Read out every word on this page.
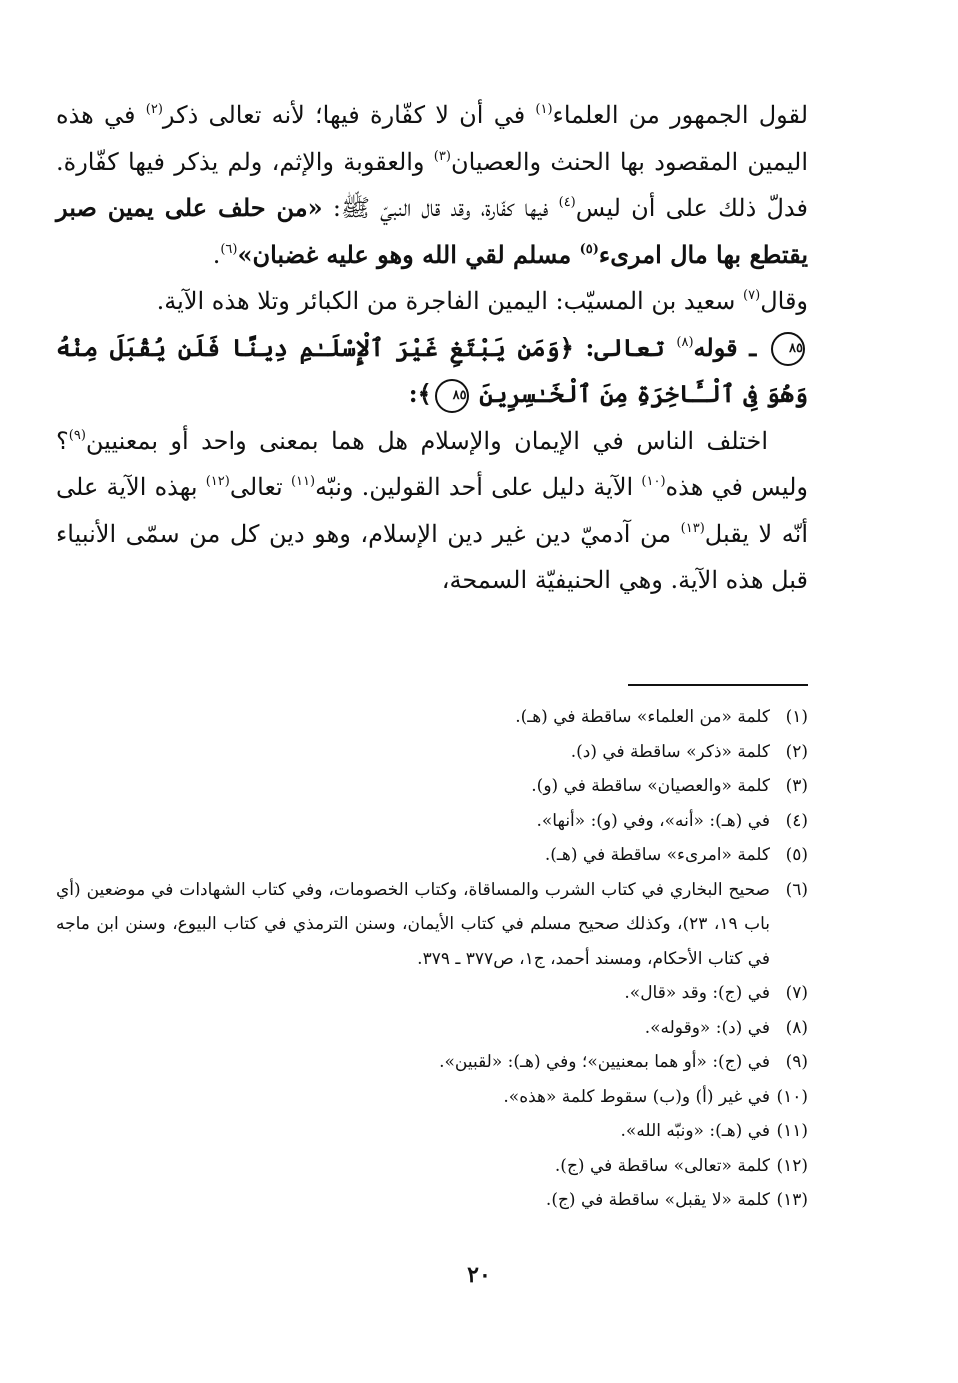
لقول الجمهور من العلماء$^{(١)}$ في أن لا كفّارة فيها؛ لأنه تعالى ذكر$^{(٢)}$ في هذه اليمين المقصود بها الحنث والعصيان$^{(٣)}$ والعقوبة والإثم، ولم يذكر فيها كفّارة. فدلّ ذلك على أن ليس$^{(٤)}$ فيها كفّارة، وقد قال النبيّ ﷺ: «من حلف على يمين صبر يقتطع بها مال امرىء$^{(٥)}$ مسلم لقي الله وهو عليه غضبان»$^{(٦)}$.

وقال$^{(٧)}$ سعيد بن المسيّب: اليمين الفاجرة من الكبائر وتلا هذه الآية.

٨٥ ـ قوله$^{(٨)}$ تعالى: ﴿وَمَن يَبْتَغِ غَيْرَ ٱلْإِسْلَـٰمِ دِينًا فَلَن يُقْبَلَ مِنْهُ وَهُوَ فِى ٱلْـَٔاخِرَةِ مِنَ ٱلْخَـٰسِرِينَ ٨٥﴾:

اختلف الناس في الإيمان والإسلام هل هما بمعنى واحد أو بمعنيين$^{(٩)}$؟ وليس في هذه$^{(١٠)}$ الآية دليل على أحد القولين. ونبّه$^{(١١)}$ تعالى$^{(١٢)}$ بهذه الآية على أنّه لا يقبل$^{(١٣)}$ من آدميّ دين غير دين الإسلام، وهو دين كل من سمّى الأنبياء قبل هذه الآية. وهي الحنيفيّة السمحة،

(١)
كلمة «من العلماء» ساقطة في (هـ).
(٢)
كلمة «ذكر» ساقطة في (د).
(٣)
كلمة «والعصيان» ساقطة في (و).
(٤)
في (هـ): «أنه»، وفي (و): «أنها».
(٥)
كلمة «امرىء» ساقطة في (هـ).
(٦)
صحيح البخاري في كتاب الشرب والمساقاة، وكتاب الخصومات، وفي كتاب الشهادات في موضعين (أي باب ١٩، ٢٣)، وكذلك صحيح مسلم في كتاب الأيمان، وسنن الترمذي في كتاب البيوع، وسنن ابن ماجه في كتاب الأحكام، ومسند أحمد، ج١، ص٣٧٧ ـ ٣٧٩.
(٧)
في (ج): وقد «قال».
(٨)
في (د): «وقوله».
(٩)
في (ج): «أو هما بمعنيين»؛ وفي (هـ): «لقبين».
(١٠)
في غير (أ) و(ب) سقوط كلمة «هذه».
(١١)
في (هـ): «ونبّه الله».
(١٢)
كلمة «تعالى» ساقطة في (ج).
(١٣)
كلمة «لا يقبل» ساقطة في (ج).
٢٠
